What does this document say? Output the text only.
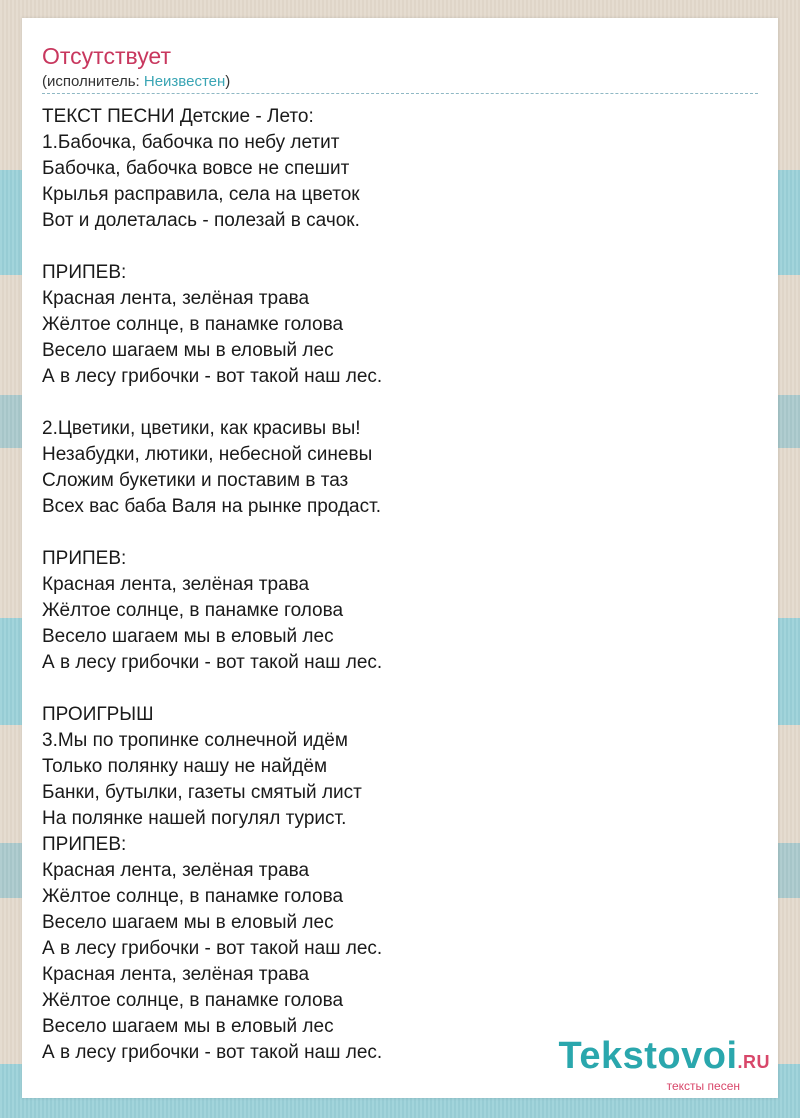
Отсутствует
(исполнитель: Неизвестен)
ТЕКСТ ПЕСНИ Детские - Лето:
1.Бабочка, бабочка по небу летит
Бабочка, бабочка вовсе не спешит
Крылья расправила, села на цветок
Вот и долеталась - полезай в сачок.
ПРИПЕВ:
Красная лента, зелёная трава
Жёлтое солнце, в панамке голова
Весело шагаем мы в еловый лес
А в лесу грибочки - вот такой наш лес.
2.Цветики, цветики, как красивы вы!
Незабудки, лютики, небесной синевы
Сложим букетики и поставим в таз
Всех вас баба Валя на рынке продаст.
ПРИПЕВ:
Красная лента, зелёная трава
Жёлтое солнце, в панамке голова
Весело шагаем мы в еловый лес
А в лесу грибочки - вот такой наш лес.
ПРОИГРЫШ
3.Мы по тропинке солнечной идём
Только полянку нашу не найдём
Банки, бутылки, газеты смятый лист
На полянке нашей погулял турист.
ПРИПЕВ:
Красная лента, зелёная трава
Жёлтое солнце, в панамке голова
Весело шагаем мы в еловый лес
А в лесу грибочки - вот такой наш лес.
Красная лента, зелёная трава
Жёлтое солнце, в панамке голова
Весело шагаем мы в еловый лес
А в лесу грибочки - вот такой наш лес.	Tekstovoi.RU
тексты песен
